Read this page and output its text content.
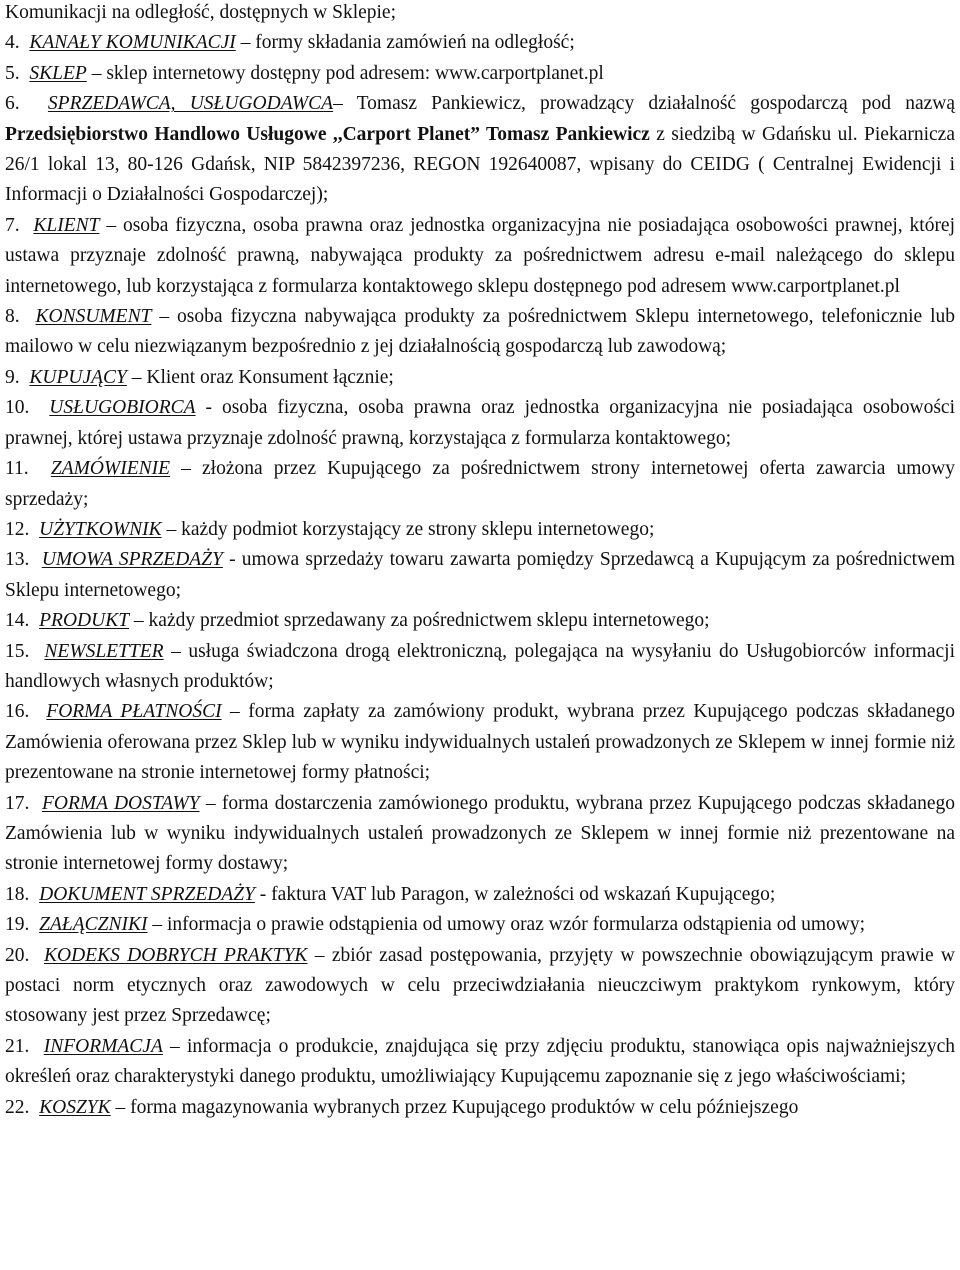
Komunikacji na odległość, dostępnych w Sklepie;

4. KANAŁY KOMUNIKACJI – formy składania zamówień na odległość;

5. SKLEP – sklep internetowy dostępny pod adresem: www.carportplanet.pl

6. SPRZEDAWCA, USŁUGODAWCA– Tomasz Pankiewicz, prowadzący działalność gospodarczą pod nazwą Przedsiębiorstwo Handlowo Usługowe ,,Carport Planet” Tomasz Pankiewicz z siedzibą w Gdańsku ul. Piekarnicza 26/1 lokal 13, 80-126 Gdańsk, NIP 5842397236, REGON 192640087, wpisany do CEIDG ( Centralnej Ewidencji i Informacji o Działalności Gospodarczej);

7. KLIENT – osoba fizyczna, osoba prawna oraz jednostka organizacyjna nie posiadająca osobowości prawnej, której ustawa przyznaje zdolność prawną, nabywająca produkty za pośrednictwem adresu e-mail należącego do sklepu internetowego, lub korzystająca z formularza kontaktowego sklepu dostępnego pod adresem www.carportplanet.pl

8. KONSUMENT – osoba fizyczna nabywająca produkty za pośrednictwem Sklepu internetowego, telefonicznie lub mailowo w celu niezwiązanym bezpośrednio z jej działalnością gospodarczą lub zawodową;

9. KUPUJĄCY – Klient oraz Konsument łącznie;

10. USŁUGOBIORCA - osoba fizyczna, osoba prawna oraz jednostka organizacyjna nie posiadająca osobowości prawnej, której ustawa przyznaje zdolność prawną, korzystająca z formularza kontaktowego;

11. ZAMÓWIENIE – złożona przez Kupującego za pośrednictwem strony internetowej oferta zawarcia umowy sprzedaży;

12. UŻYTKOWNIK – każdy podmiot korzystający ze strony sklepu internetowego;

13. UMOWA SPRZEDAŻY - umowa sprzedaży towaru zawarta pomiędzy Sprzedawcą a Kupującym za pośrednictwem Sklepu internetowego;

14. PRODUKT – każdy przedmiot sprzedawany za pośrednictwem sklepu internetowego;

15. NEWSLETTER – usługa świadczona drogą elektroniczną, polegająca na wysyłaniu do Usługobiorców informacji handlowych własnych produktów;

16. FORMA PŁATNOŚCI – forma zapłaty za zamówiony produkt, wybrana przez Kupującego podczas składanego Zamówienia oferowana przez Sklep lub w wyniku indywidualnych ustaleń prowadzonych ze Sklepem w innej formie niż prezentowane na stronie internetowej formy płatności;

17. FORMA DOSTAWY – forma dostarczenia zamówionego produktu, wybrana przez Kupującego podczas składanego Zamówienia lub w wyniku indywidualnych ustaleń prowadzonych ze Sklepem w innej formie niż prezentowane na stronie internetowej formy dostawy;

18. DOKUMENT SPRZEDAŻY - faktura VAT lub Paragon, w zależności od wskazań Kupującego;

19. ZAŁĄCZNIKI – informacja o prawie odstąpienia od umowy oraz wzór formularza odstąpienia od umowy;

20. KODEKS DOBRYCH PRAKTYK – zbiór zasad postępowania, przyjęty w powszechnie obowiązującym prawie w postaci norm etycznych oraz zawodowych w celu przeciwdziałania nieuczciwym praktykom rynkowym, który stosowany jest przez Sprzedawcę;

21. INFORMACJA – informacja o produkcie, znajdująca się przy zdjęciu produktu, stanowiąca opis najważniejszych określeń oraz charakterystyki danego produktu, umożliwiający Kupującemu zapoznanie się z jego właściwościami;

22. KOSZYK – forma magazynowania wybranych przez Kupującego produktów w celu późniejszego
